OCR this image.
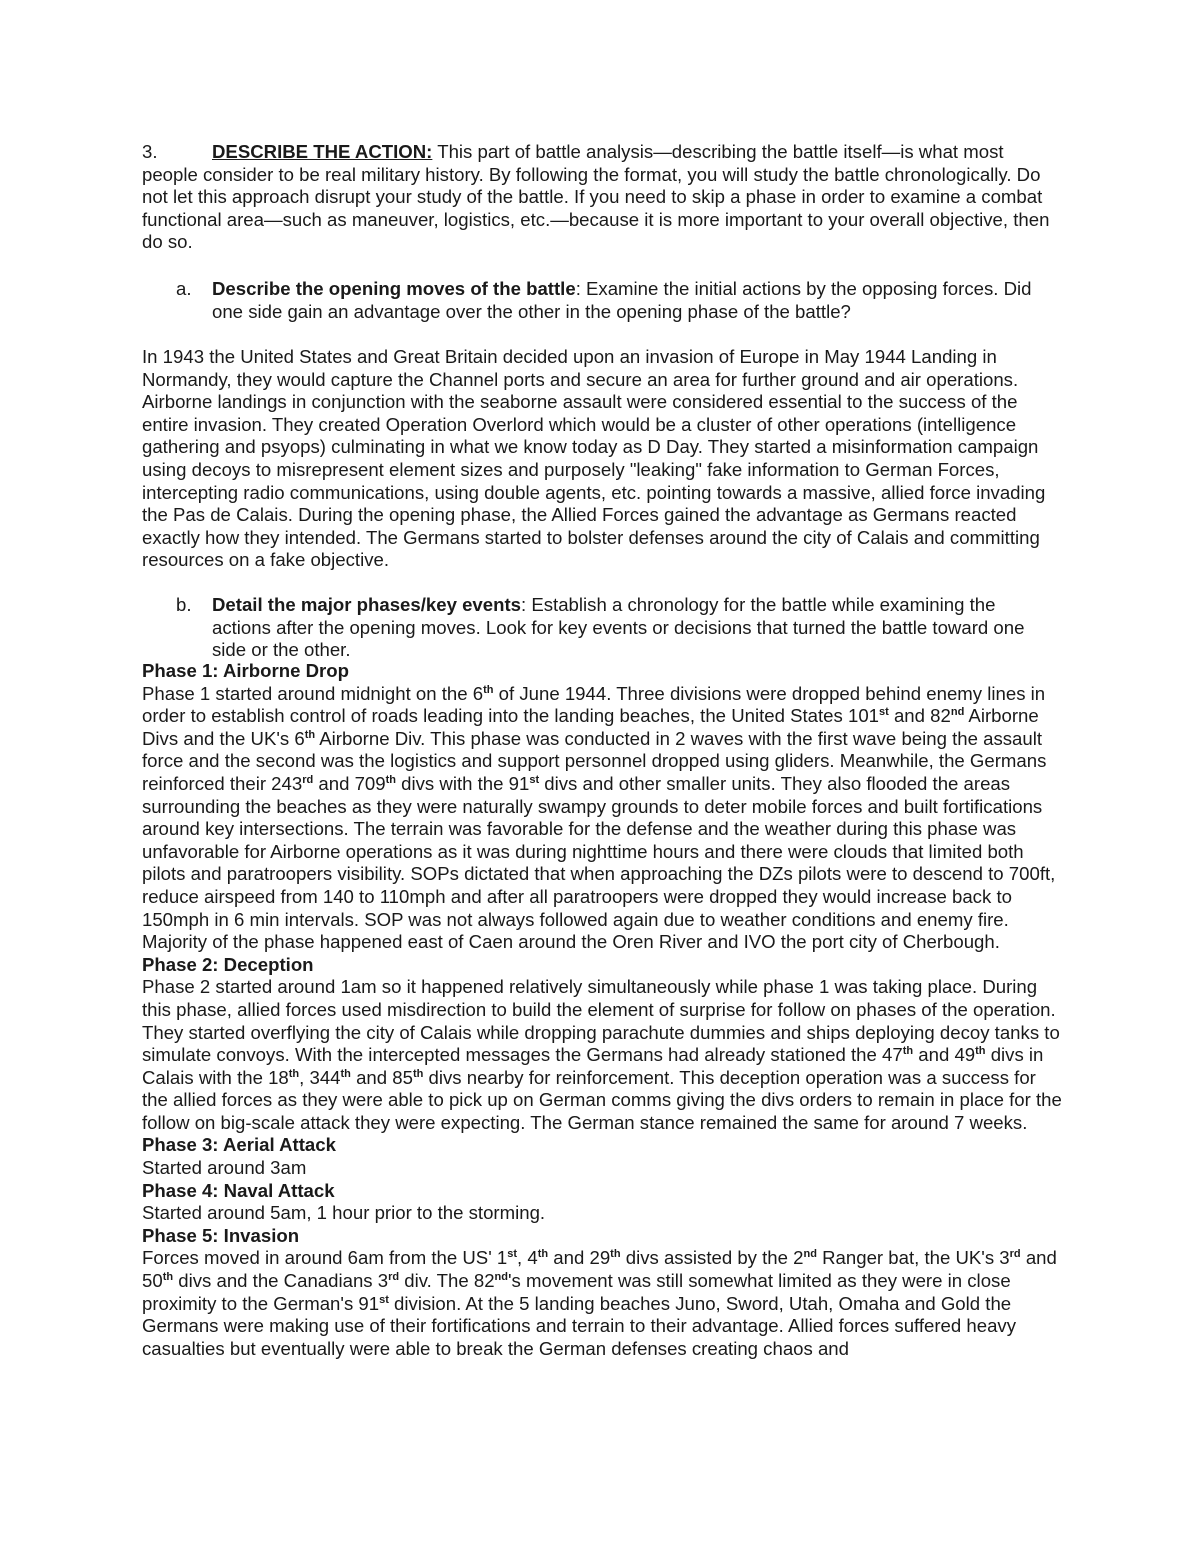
3.	DESCRIBE THE ACTION: This part of battle analysis—describing the battle itself—is what most people consider to be real military history. By following the format, you will study the battle chronologically. Do not let this approach disrupt your study of the battle. If you need to skip a phase in order to examine a combat functional area—such as maneuver, logistics, etc.—because it is more important to your overall objective, then do so.
a. Describe the opening moves of the battle: Examine the initial actions by the opposing forces. Did one side gain an advantage over the other in the opening phase of the battle?
In 1943 the United States and Great Britain decided upon an invasion of Europe in May 1944 Landing in Normandy, they would capture the Channel ports and secure an area for further ground and air operations. Airborne landings in conjunction with the seaborne assault were considered essential to the success of the entire invasion. They created Operation Overlord which would be a cluster of other operations (intelligence gathering and psyops) culminating in what we know today as D Day. They started a misinformation campaign using decoys to misrepresent element sizes and purposely "leaking" fake information to German Forces, intercepting radio communications, using double agents, etc. pointing towards a massive, allied force invading the Pas de Calais. During the opening phase, the Allied Forces gained the advantage as Germans reacted exactly how they intended. The Germans started to bolster defenses around the city of Calais and committing resources on a fake objective.
b. Detail the major phases/key events: Establish a chronology for the battle while examining the actions after the opening moves. Look for key events or decisions that turned the battle toward one side or the other.
Phase 1: Airborne Drop
Phase 1 started around midnight on the 6th of June 1944. Three divisions were dropped behind enemy lines in order to establish control of roads leading into the landing beaches, the United States 101st and 82nd Airborne Divs and the UK's 6th Airborne Div. This phase was conducted in 2 waves with the first wave being the assault force and the second was the logistics and support personnel dropped using gliders. Meanwhile, the Germans reinforced their 243rd and 709th divs with the 91st divs and other smaller units. They also flooded the areas surrounding the beaches as they were naturally swampy grounds to deter mobile forces and built fortifications around key intersections. The terrain was favorable for the defense and the weather during this phase was unfavorable for Airborne operations as it was during nighttime hours and there were clouds that limited both pilots and paratroopers visibility. SOPs dictated that when approaching the DZs pilots were to descend to 700ft, reduce airspeed from 140 to 110mph and after all paratroopers were dropped they would increase back to 150mph in 6 min intervals. SOP was not always followed again due to weather conditions and enemy fire. Majority of the phase happened east of Caen around the Oren River and IVO the port city of Cherbough.
Phase 2: Deception
Phase 2 started around 1am so it happened relatively simultaneously while phase 1 was taking place. During this phase, allied forces used misdirection to build the element of surprise for follow on phases of the operation. They started overflying the city of Calais while dropping parachute dummies and ships deploying decoy tanks to simulate convoys. With the intercepted messages the Germans had already stationed the 47th and 49th divs in Calais with the 18th, 344th and 85th divs nearby for reinforcement. This deception operation was a success for the allied forces as they were able to pick up on German comms giving the divs orders to remain in place for the follow on big-scale attack they were expecting. The German stance remained the same for around 7 weeks.
Phase 3: Aerial Attack
Started around 3am
Phase 4: Naval Attack
Started around 5am, 1 hour prior to the storming.
Phase 5: Invasion
Forces moved in around 6am from the US' 1st, 4th and 29th divs assisted by the 2nd Ranger bat, the UK's 3rd and 50th divs and the Canadians 3rd div. The 82nd's movement was still somewhat limited as they were in close proximity to the German's 91st division. At the 5 landing beaches Juno, Sword, Utah, Omaha and Gold the Germans were making use of their fortifications and terrain to their advantage. Allied forces suffered heavy casualties but eventually were able to break the German defenses creating chaos and
